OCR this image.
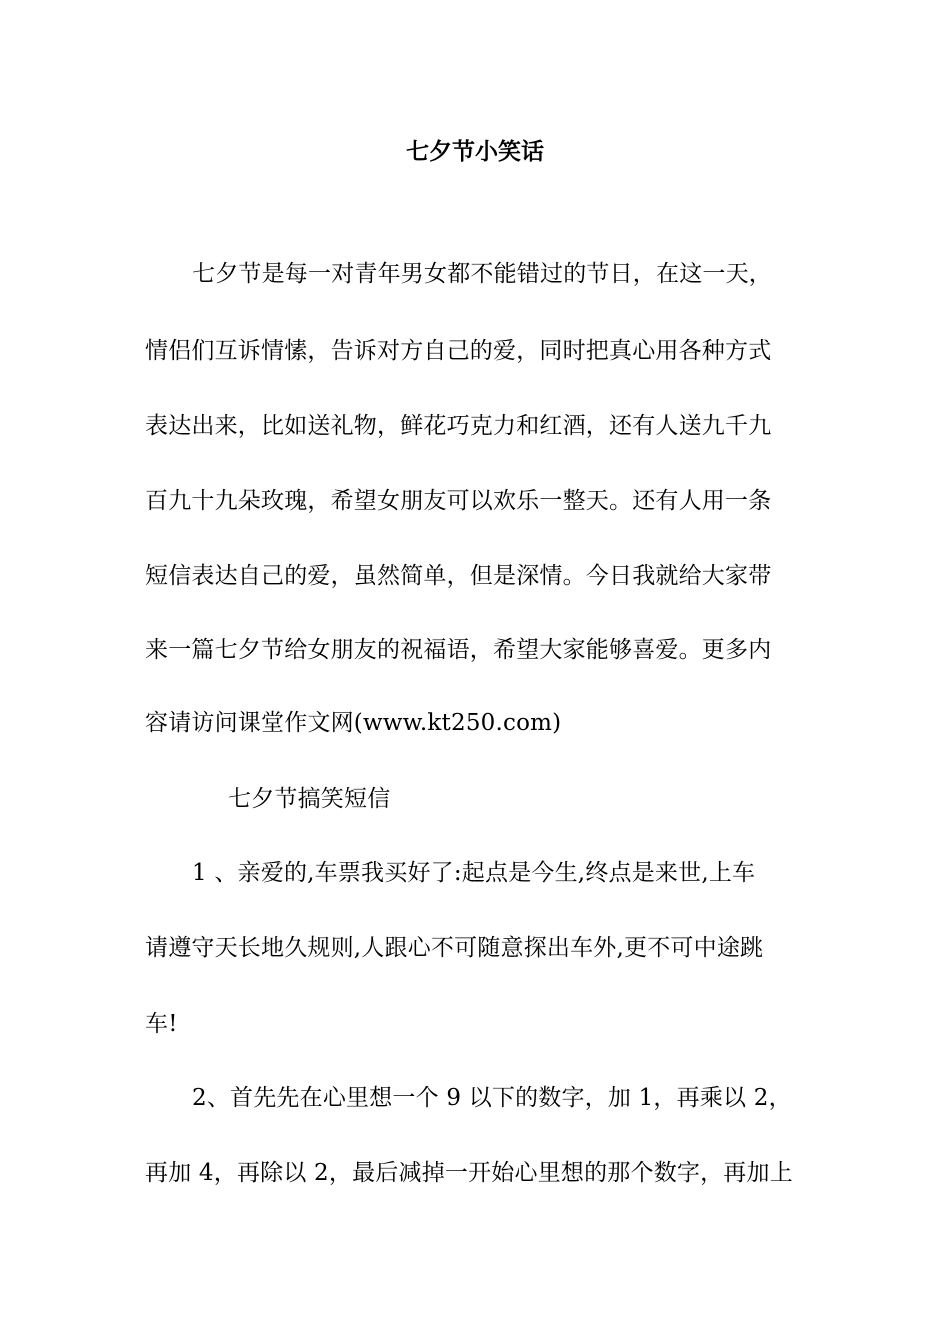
七夕节小笑话

七夕节是每一对青年男女都不能错过的节日，在这一天，

情侣们互诉情愫，告诉对方自己的爱，同时把真心用各种方式

表达出来，比如送礼物，鲜花巧克力和红酒，还有人送九千九

百九十九朵玫瑰，希望女朋友可以欢乐一整天。还有人用一条

短信表达自己的爱，虽然简单，但是深情。今日我就给大家带

来一篇七夕节给女朋友的祝福语，希望大家能够喜爱。更多内

容请访问课堂作文网(www.kt250.com)

七夕节搞笑短信

1 、亲爱的,车票我买好了:起点是今生,终点是来世,上车

请遵守天长地久规则,人跟心不可随意探出车外,更不可中途跳

车!

2、首先先在心里想一个 9 以下的数字，加 1，再乘以 2，

再加 4，再除以 2，最后减掉一开始心里想的那个数字，再加上
